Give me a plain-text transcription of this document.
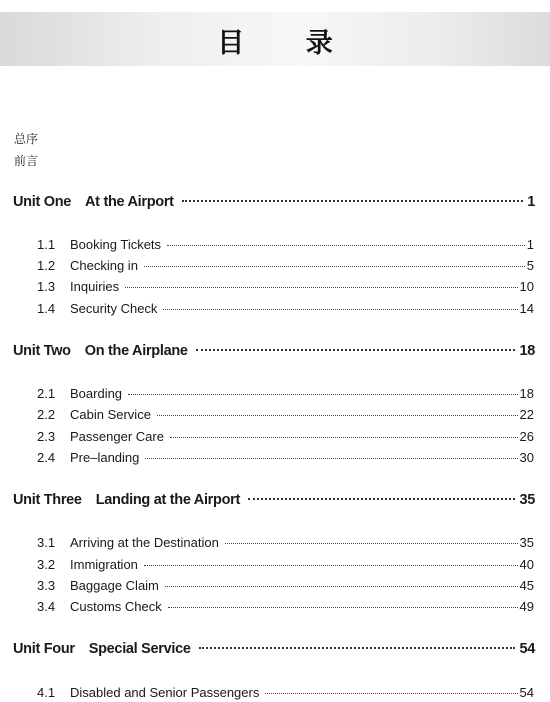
目 录
总序
前言
Unit One At the Airport	1
1.1	Booking Tickets	1
1.2	Checking in	5
1.3	Inquiries	10
1.4	Security Check	14
Unit Two On the Airplane	18
2.1	Boarding	18
2.2	Cabin Service	22
2.3	Passenger Care	26
2.4	Pre–landing	30
Unit Three Landing at the Airport	35
3.1	Arriving at the Destination	35
3.2	Immigration	40
3.3	Baggage Claim	45
3.4	Customs Check	49
Unit Four Special Service	54
4.1	Disabled and Senior Passengers	54
